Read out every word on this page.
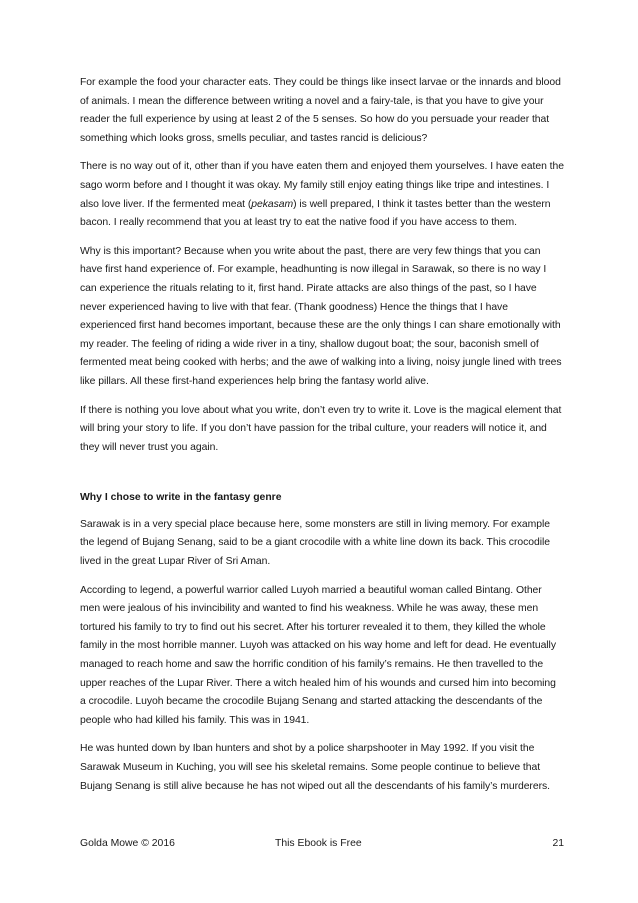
For example the food your character eats. They could be things like insect larvae or the innards and blood of animals. I mean the difference between writing a novel and a fairy-tale, is that you have to give your reader the full experience by using at least 2 of the 5 senses. So how do you persuade your reader that something which looks gross, smells peculiar, and tastes rancid is delicious?

There is no way out of it, other than if you have eaten them and enjoyed them yourselves. I have eaten the sago worm before and I thought it was okay. My family still enjoy eating things like tripe and intestines. I also love liver. If the fermented meat (pekasam) is well prepared, I think it tastes better than the western bacon. I really recommend that you at least try to eat the native food if you have access to them.

Why is this important? Because when you write about the past, there are very few things that you can have first hand experience of. For example, headhunting is now illegal in Sarawak, so there is no way I can experience the rituals relating to it, first hand. Pirate attacks are also things of the past, so I have never experienced having to live with that fear. (Thank goodness) Hence the things that I have experienced first hand becomes important, because these are the only things I can share emotionally with my reader. The feeling of riding a wide river in a tiny, shallow dugout boat; the sour, baconish smell of fermented meat being cooked with herbs; and the awe of walking into a living, noisy jungle lined with trees like pillars. All these first-hand experiences help bring the fantasy world alive.

If there is nothing you love about what you write, don’t even try to write it. Love is the magical element that will bring your story to life. If you don’t have passion for the tribal culture, your readers will notice it, and they will never trust you again.

Why I chose to write in the fantasy genre

Sarawak is in a very special place because here, some monsters are still in living memory. For example the legend of Bujang Senang, said to be a giant crocodile with a white line down its back. This crocodile lived in the great Lupar River of Sri Aman.

According to legend, a powerful warrior called Luyoh married a beautiful woman called Bintang. Other men were jealous of his invincibility and wanted to find his weakness. While he was away, these men tortured his family to try to find out his secret. After his torturer revealed it to them, they killed the whole family in the most horrible manner. Luyoh was attacked on his way home and left for dead. He eventually managed to reach home and saw the horrific condition of his family’s remains. He then travelled to the upper reaches of the Lupar River. There a witch healed him of his wounds and cursed him into becoming a crocodile. Luyoh became the crocodile Bujang Senang and started attacking the descendants of the people who had killed his family. This was in 1941.

He was hunted down by Iban hunters and shot by a police sharpshooter in May 1992. If you visit the Sarawak Museum in Kuching, you will see his skeletal remains. Some people continue to believe that Bujang Senang is still alive because he has not wiped out all the descendants of his family’s murderers.

Golda Mowe © 2016	This Ebook is Free	21
